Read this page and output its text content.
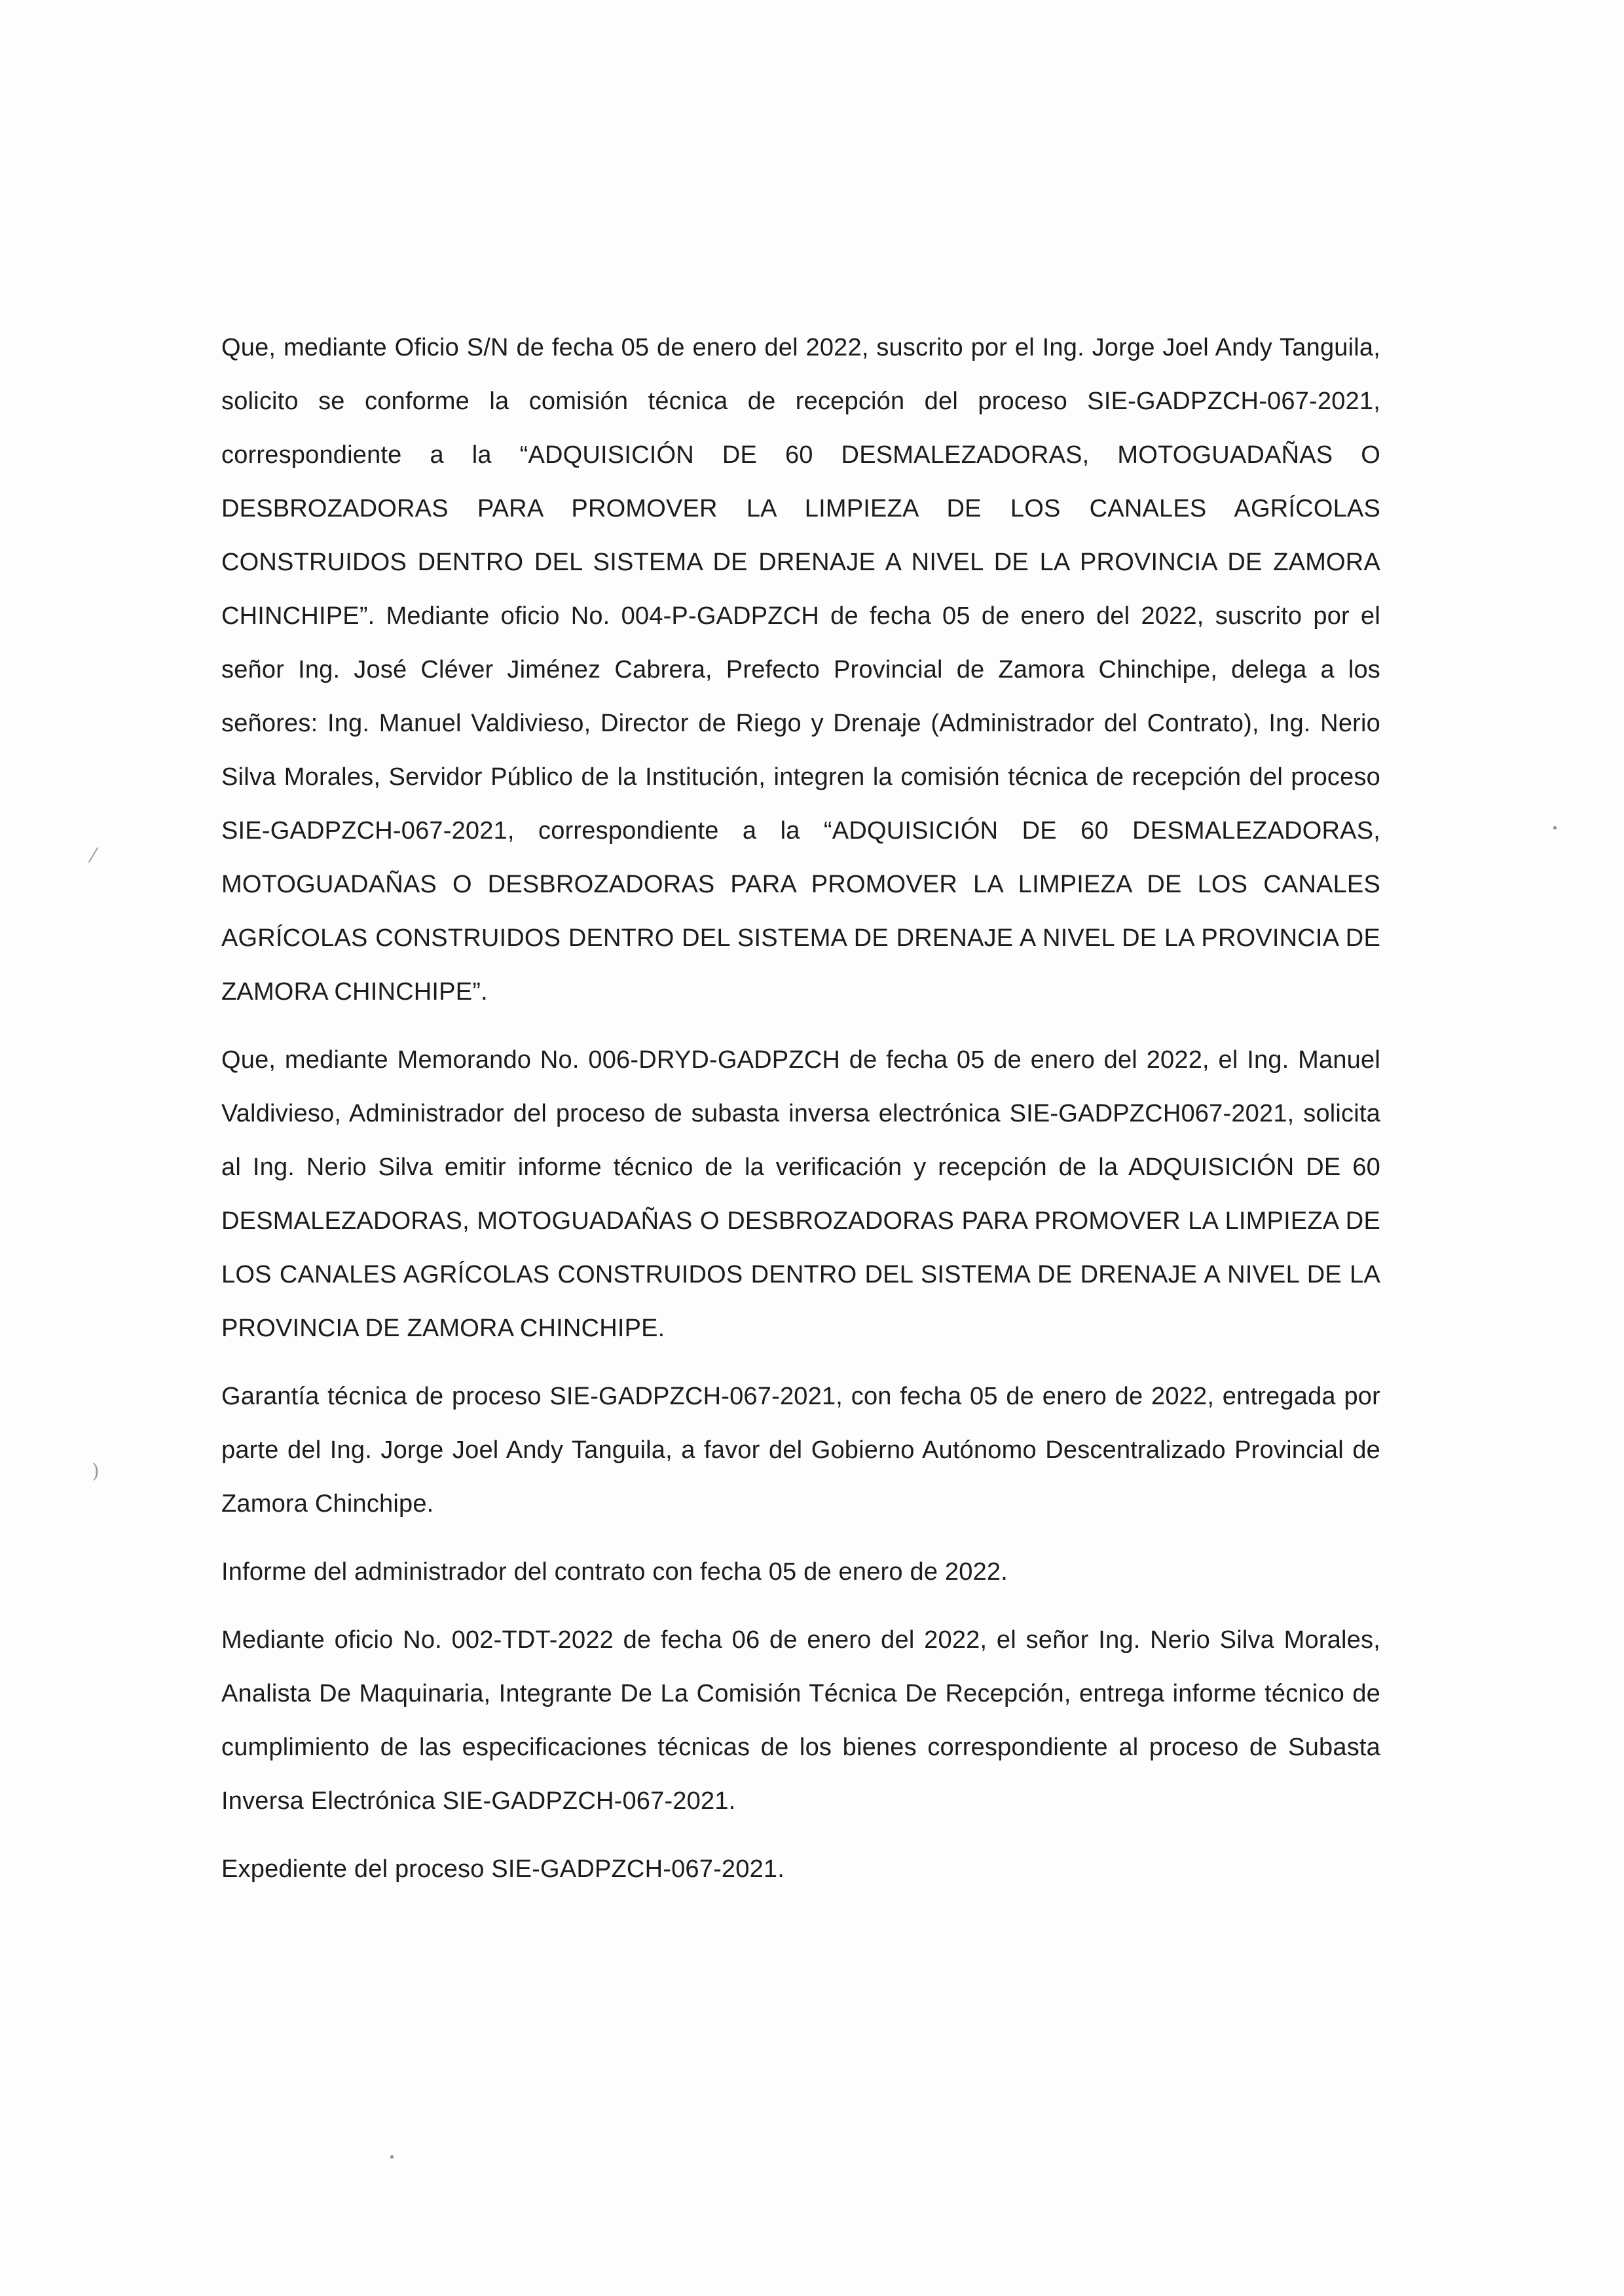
Que, mediante Oficio S/N de fecha 05 de enero del 2022, suscrito por el Ing. Jorge Joel Andy Tanguila, solicito se conforme la comisión técnica de recepción del proceso SIE-GADPZCH-067-2021, correspondiente a la “ADQUISICIÓN DE 60 DESMALEZADORAS, MOTOGUADAÑAS O DESBROZADORAS PARA PROMOVER LA LIMPIEZA DE LOS CANALES AGRÍCOLAS CONSTRUIDOS DENTRO DEL SISTEMA DE DRENAJE A NIVEL DE LA PROVINCIA DE ZAMORA CHINCHIPE”. Mediante oficio No. 004-P-GADPZCH de fecha 05 de enero del 2022, suscrito por el señor Ing. José Cléver Jiménez Cabrera, Prefecto Provincial de Zamora Chinchipe, delega a los señores: Ing. Manuel Valdivieso, Director de Riego y Drenaje (Administrador del Contrato), Ing. Nerio Silva Morales, Servidor Público de la Institución, integren la comisión técnica de recepción del proceso SIE-GADPZCH-067-2021, correspondiente a la “ADQUISICIÓN DE 60 DESMALEZADORAS, MOTOGUADAÑAS O DESBROZADORAS PARA PROMOVER LA LIMPIEZA DE LOS CANALES AGRÍCOLAS CONSTRUIDOS DENTRO DEL SISTEMA DE DRENAJE A NIVEL DE LA PROVINCIA DE ZAMORA CHINCHIPE”.

Que, mediante Memorando No. 006-DRYD-GADPZCH de fecha 05 de enero del 2022, el Ing. Manuel Valdivieso, Administrador del proceso de subasta inversa electrónica SIE-GADPZCH067-2021, solicita al Ing. Nerio Silva emitir informe técnico de la verificación y recepción de la ADQUISICIÓN DE 60 DESMALEZADORAS, MOTOGUADAÑAS O DESBROZADORAS PARA PROMOVER LA LIMPIEZA DE LOS CANALES AGRÍCOLAS CONSTRUIDOS DENTRO DEL SISTEMA DE DRENAJE A NIVEL DE LA PROVINCIA DE ZAMORA CHINCHIPE.

Garantía técnica de proceso SIE-GADPZCH-067-2021, con fecha 05 de enero de 2022, entregada por parte del Ing. Jorge Joel Andy Tanguila, a favor del Gobierno Autónomo Descentralizado Provincial de Zamora Chinchipe.

Informe del administrador del contrato con fecha 05 de enero de 2022.

Mediante oficio No. 002-TDT-2022 de fecha 06 de enero del 2022, el señor Ing. Nerio Silva Morales, Analista De Maquinaria, Integrante De La Comisión Técnica De Recepción, entrega informe técnico de cumplimiento de las especificaciones técnicas de los bienes correspondiente al proceso de Subasta Inversa Electrónica SIE-GADPZCH-067-2021.

Expediente del proceso SIE-GADPZCH-067-2021.

⁄
)
